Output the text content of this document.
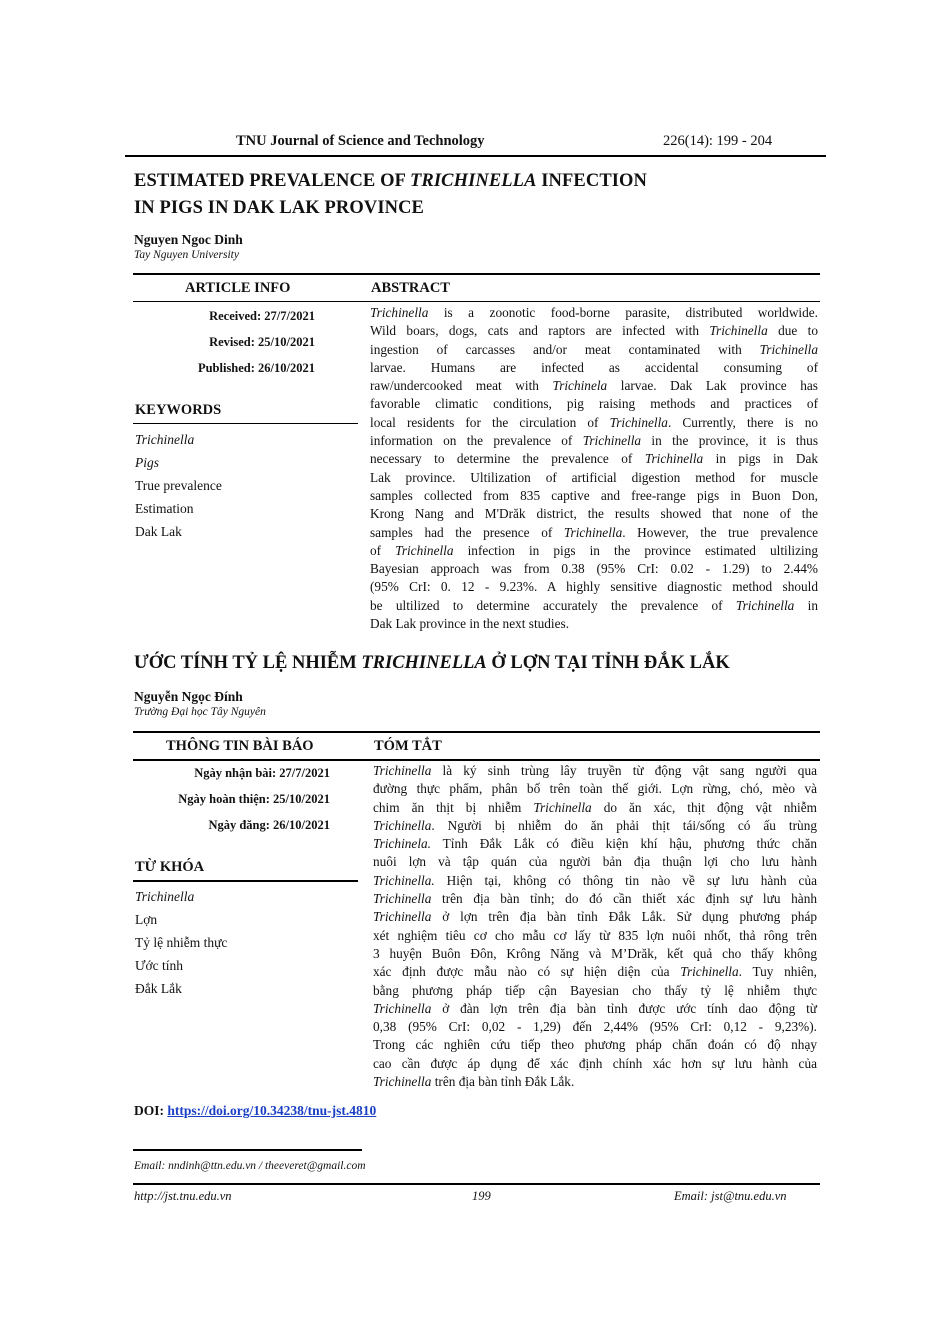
TNU Journal of Science and Technology	226(14): 199 - 204
ESTIMATED PREVALENCE OF TRICHINELLA INFECTION
IN PIGS IN DAK LAK PROVINCE
Nguyen Ngoc Dinh
Tay Nguyen University
ARTICLE INFO	ABSTRACT
Received: 27/7/2021
Revised: 25/10/2021
Published: 26/10/2021
KEYWORDS
Trichinella
Pigs
True prevalence
Estimation
Dak Lak
Trichinella is a zoonotic food-borne parasite, distributed worldwide.
Wild boars, dogs, cats and raptors are infected with Trichinella due to
ingestion of carcasses and/or meat contaminated with Trichinella
larvae. Humans are infected as accidental consuming of
raw/undercooked meat with Trichinela larvae. Dak Lak province has
favorable climatic conditions, pig raising methods and practices of
local residents for the circulation of Trichinella. Currently, there is no
information on the prevalence of Trichinella in the province, it is thus
necessary to determine the prevalence of Trichinella in pigs in Dak
Lak province. Ultilization of artificial digestion method for muscle
samples collected from 835 captive and free-range pigs in Buon Don,
Krong Nang and M'Drăk district, the results showed that none of the
samples had the presence of Trichinella. However, the true prevalence
of Trichinella infection in pigs in the province estimated ultilizing
Bayesian approach was from 0.38 (95% CrI: 0.02 - 1.29) to 2.44%
(95% CrI: 0. 12 - 9.23%. A highly sensitive diagnostic method should
be ultilized to determine accurately the prevalence of Trichinella in
Dak Lak province in the next studies.
ƯỚC TÍNH TỶ LỆ NHIỄM TRICHINELLA Ở LỢN TẠI TỈNH ĐẮK LẮK
Nguyễn Ngọc Đính
Trường Đại học Tây Nguyên
THÔNG TIN BÀI BÁO	TÓM TẮT
Ngày nhận bài: 27/7/2021
Ngày hoàn thiện: 25/10/2021
Ngày đăng: 26/10/2021
TỪ KHÓA
Trichinella
Lợn
Tỷ lệ nhiễm thực
Ước tính
Đắk Lắk
Trichinella là ký sinh trùng lây truyền từ động vật sang người qua
đường thực phẩm, phân bố trên toàn thế giới. Lợn rừng, chó, mèo và
chim ăn thịt bị nhiễm Trichinella do ăn xác, thịt động vật nhiễm
Trichinella. Người bị nhiễm do ăn phải thịt tái/sống có ấu trùng
Trichinela. Tỉnh Đắk Lắk có điều kiện khí hậu, phương thức chăn
nuôi lợn và tập quán của người bản địa thuận lợi cho lưu hành
Trichinella. Hiện tại, không có thông tin nào về sự lưu hành của
Trichinella trên địa bàn tỉnh; do đó cần thiết xác định sự lưu hành
Trichinella ở lợn trên địa bàn tỉnh Đắk Lắk. Sử dụng phương pháp
xét nghiệm tiêu cơ cho mẫu cơ lấy từ 835 lợn nuôi nhốt, thả rông trên
3 huyện Buôn Đôn, Krông Năng và M’Drăk, kết quả cho thấy không
xác định được mẫu nào có sự hiện diện của Trichinella. Tuy nhiên,
bằng phương pháp tiếp cận Bayesian cho thấy tỷ lệ nhiễm thực
Trichinella ở đàn lợn trên địa bàn tỉnh được ước tính dao động từ
0,38 (95% CrI: 0,02 - 1,29) đến 2,44% (95% CrI: 0,12 - 9,23%).
Trong các nghiên cứu tiếp theo phương pháp chẩn đoán có độ nhạy
cao cần được áp dụng để xác định chính xác hơn sự lưu hành của
Trichinella trên địa bàn tỉnh Đắk Lắk.
DOI: https://doi.org/10.34238/tnu-jst.4810
Email: nndinh@ttn.edu.vn / theeveret@gmail.com
http://jst.tnu.edu.vn	199	Email: jst@tnu.edu.vn
